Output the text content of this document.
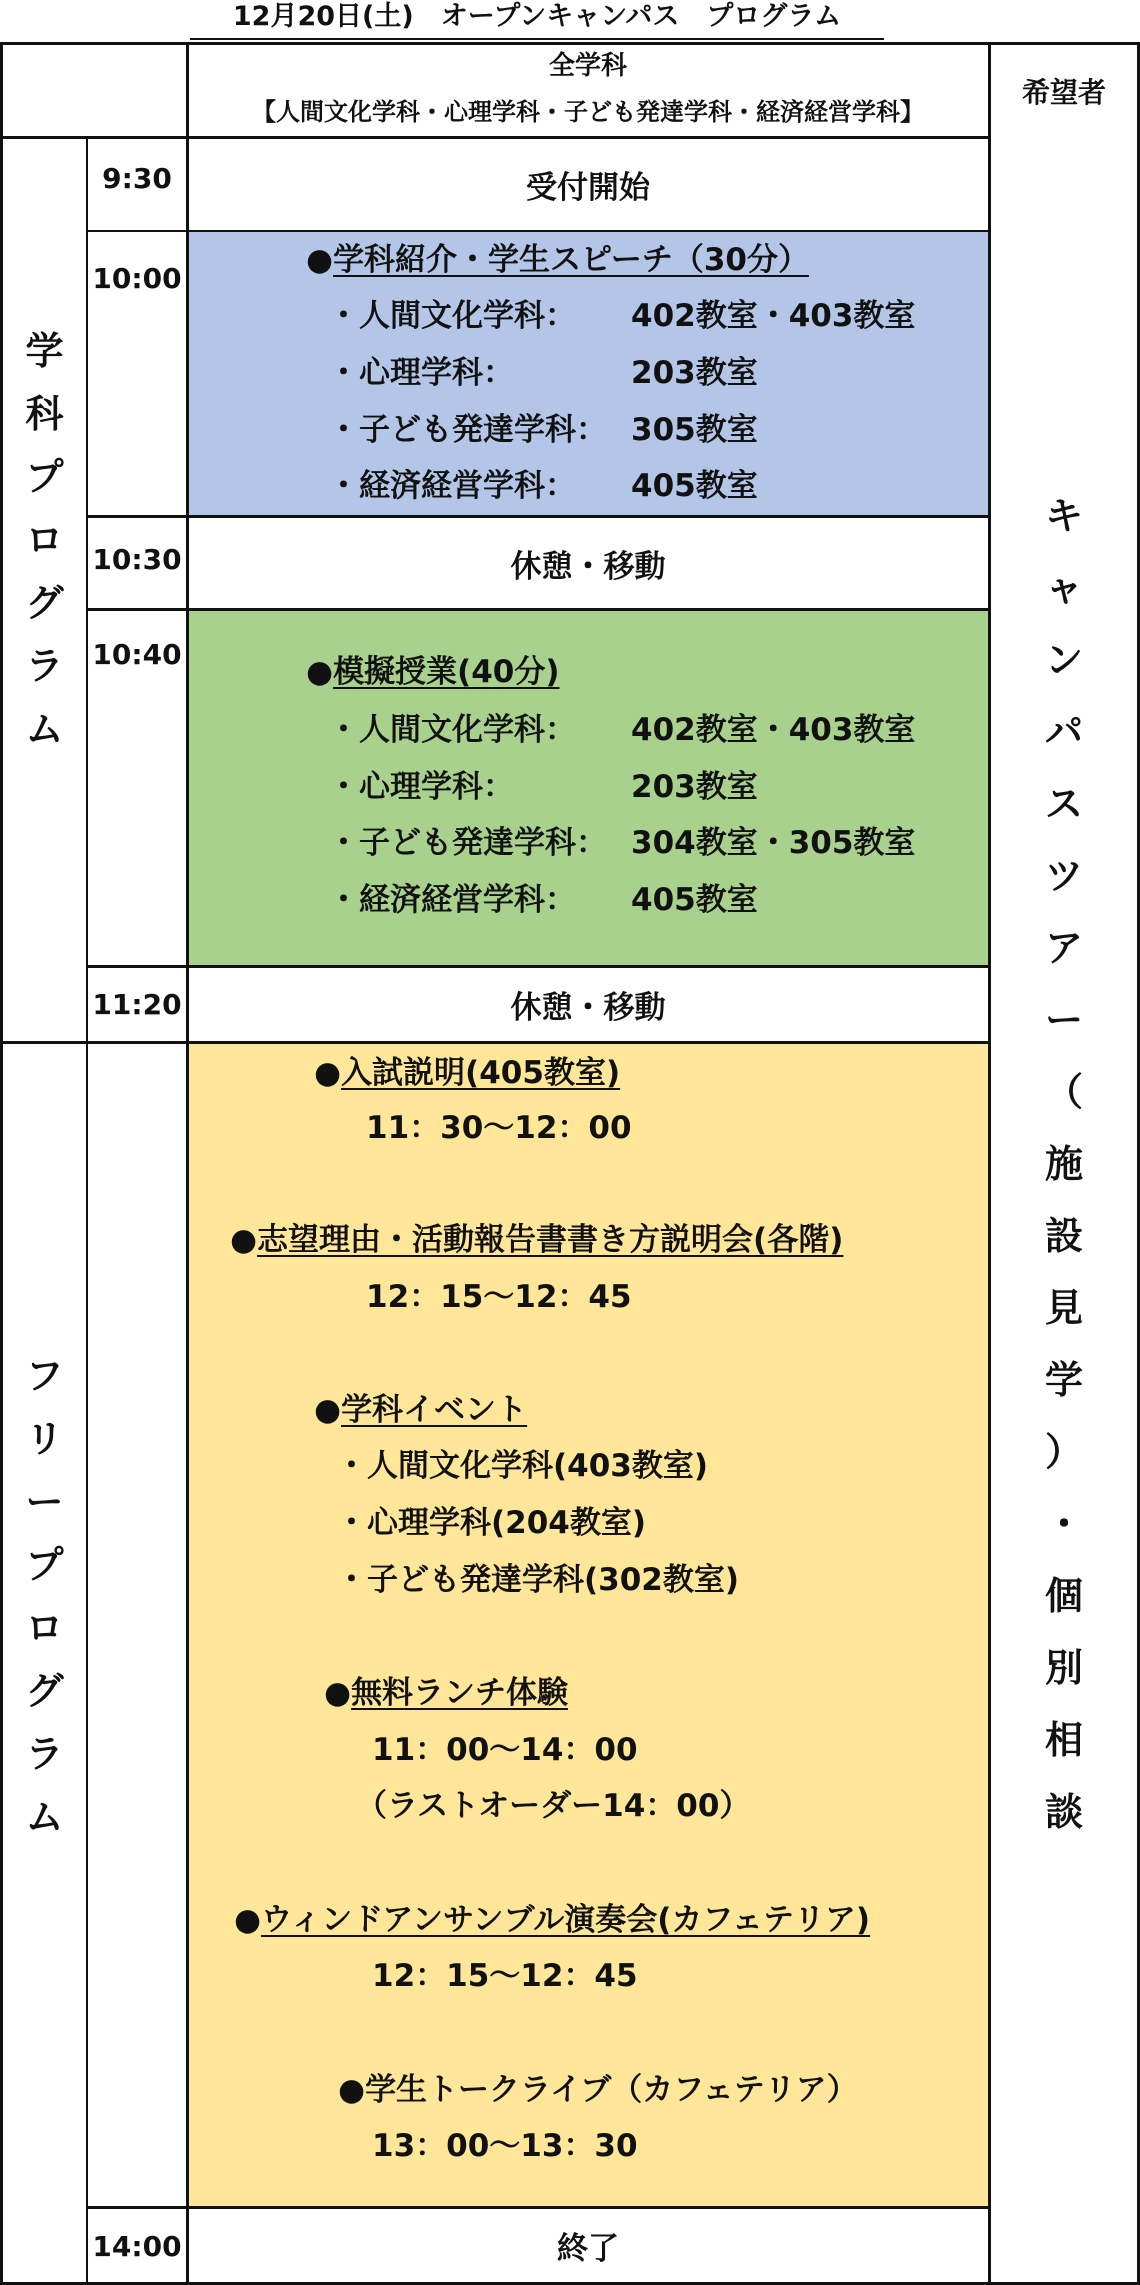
12月20日(土)　オープンキャンパス　プログラム
全学科
【人間文化学科・心理学科・子ども発達学科・経済経営学科】
希望者
学
科
プ
ロ
グ
ラ
ム
フ
リ
ー
プ
ロ
グ
ラ
ム
キ
ャ
ン
パ
ス
ツ
ア
ー
（
施
設
見
学
）
・
個
別
相
談
9:30
10:00
10:30
10:40
11:20
14:00
受付開始
●学科紹介・学生スピーチ（30分）
・人間文化学科： 402教室・403教室
・心理学科：	203教室
・子ども発達学科： 305教室
・経済経営学科： 405教室
休憩・移動
●模擬授業(40分)
・人間文化学科： 402教室・403教室
・心理学科：	203教室
・子ども発達学科： 304教室・305教室
・経済経営学科： 405教室
休憩・移動
●入試説明(405教室)
11：30～12：00
●志望理由・活動報告書書き方説明会(各階)
12：15～12：45
●学科イベント
・人間文化学科(403教室)
・心理学科(204教室)
・子ども発達学科(302教室)
●無料ランチ体験
11：00～14：00
（ラストオーダー14：00）
●ウィンドアンサンブル演奏会(カフェテリア)
12：15～12：45
●学生トークライブ（カフェテリア）
13：00～13：30
終了
